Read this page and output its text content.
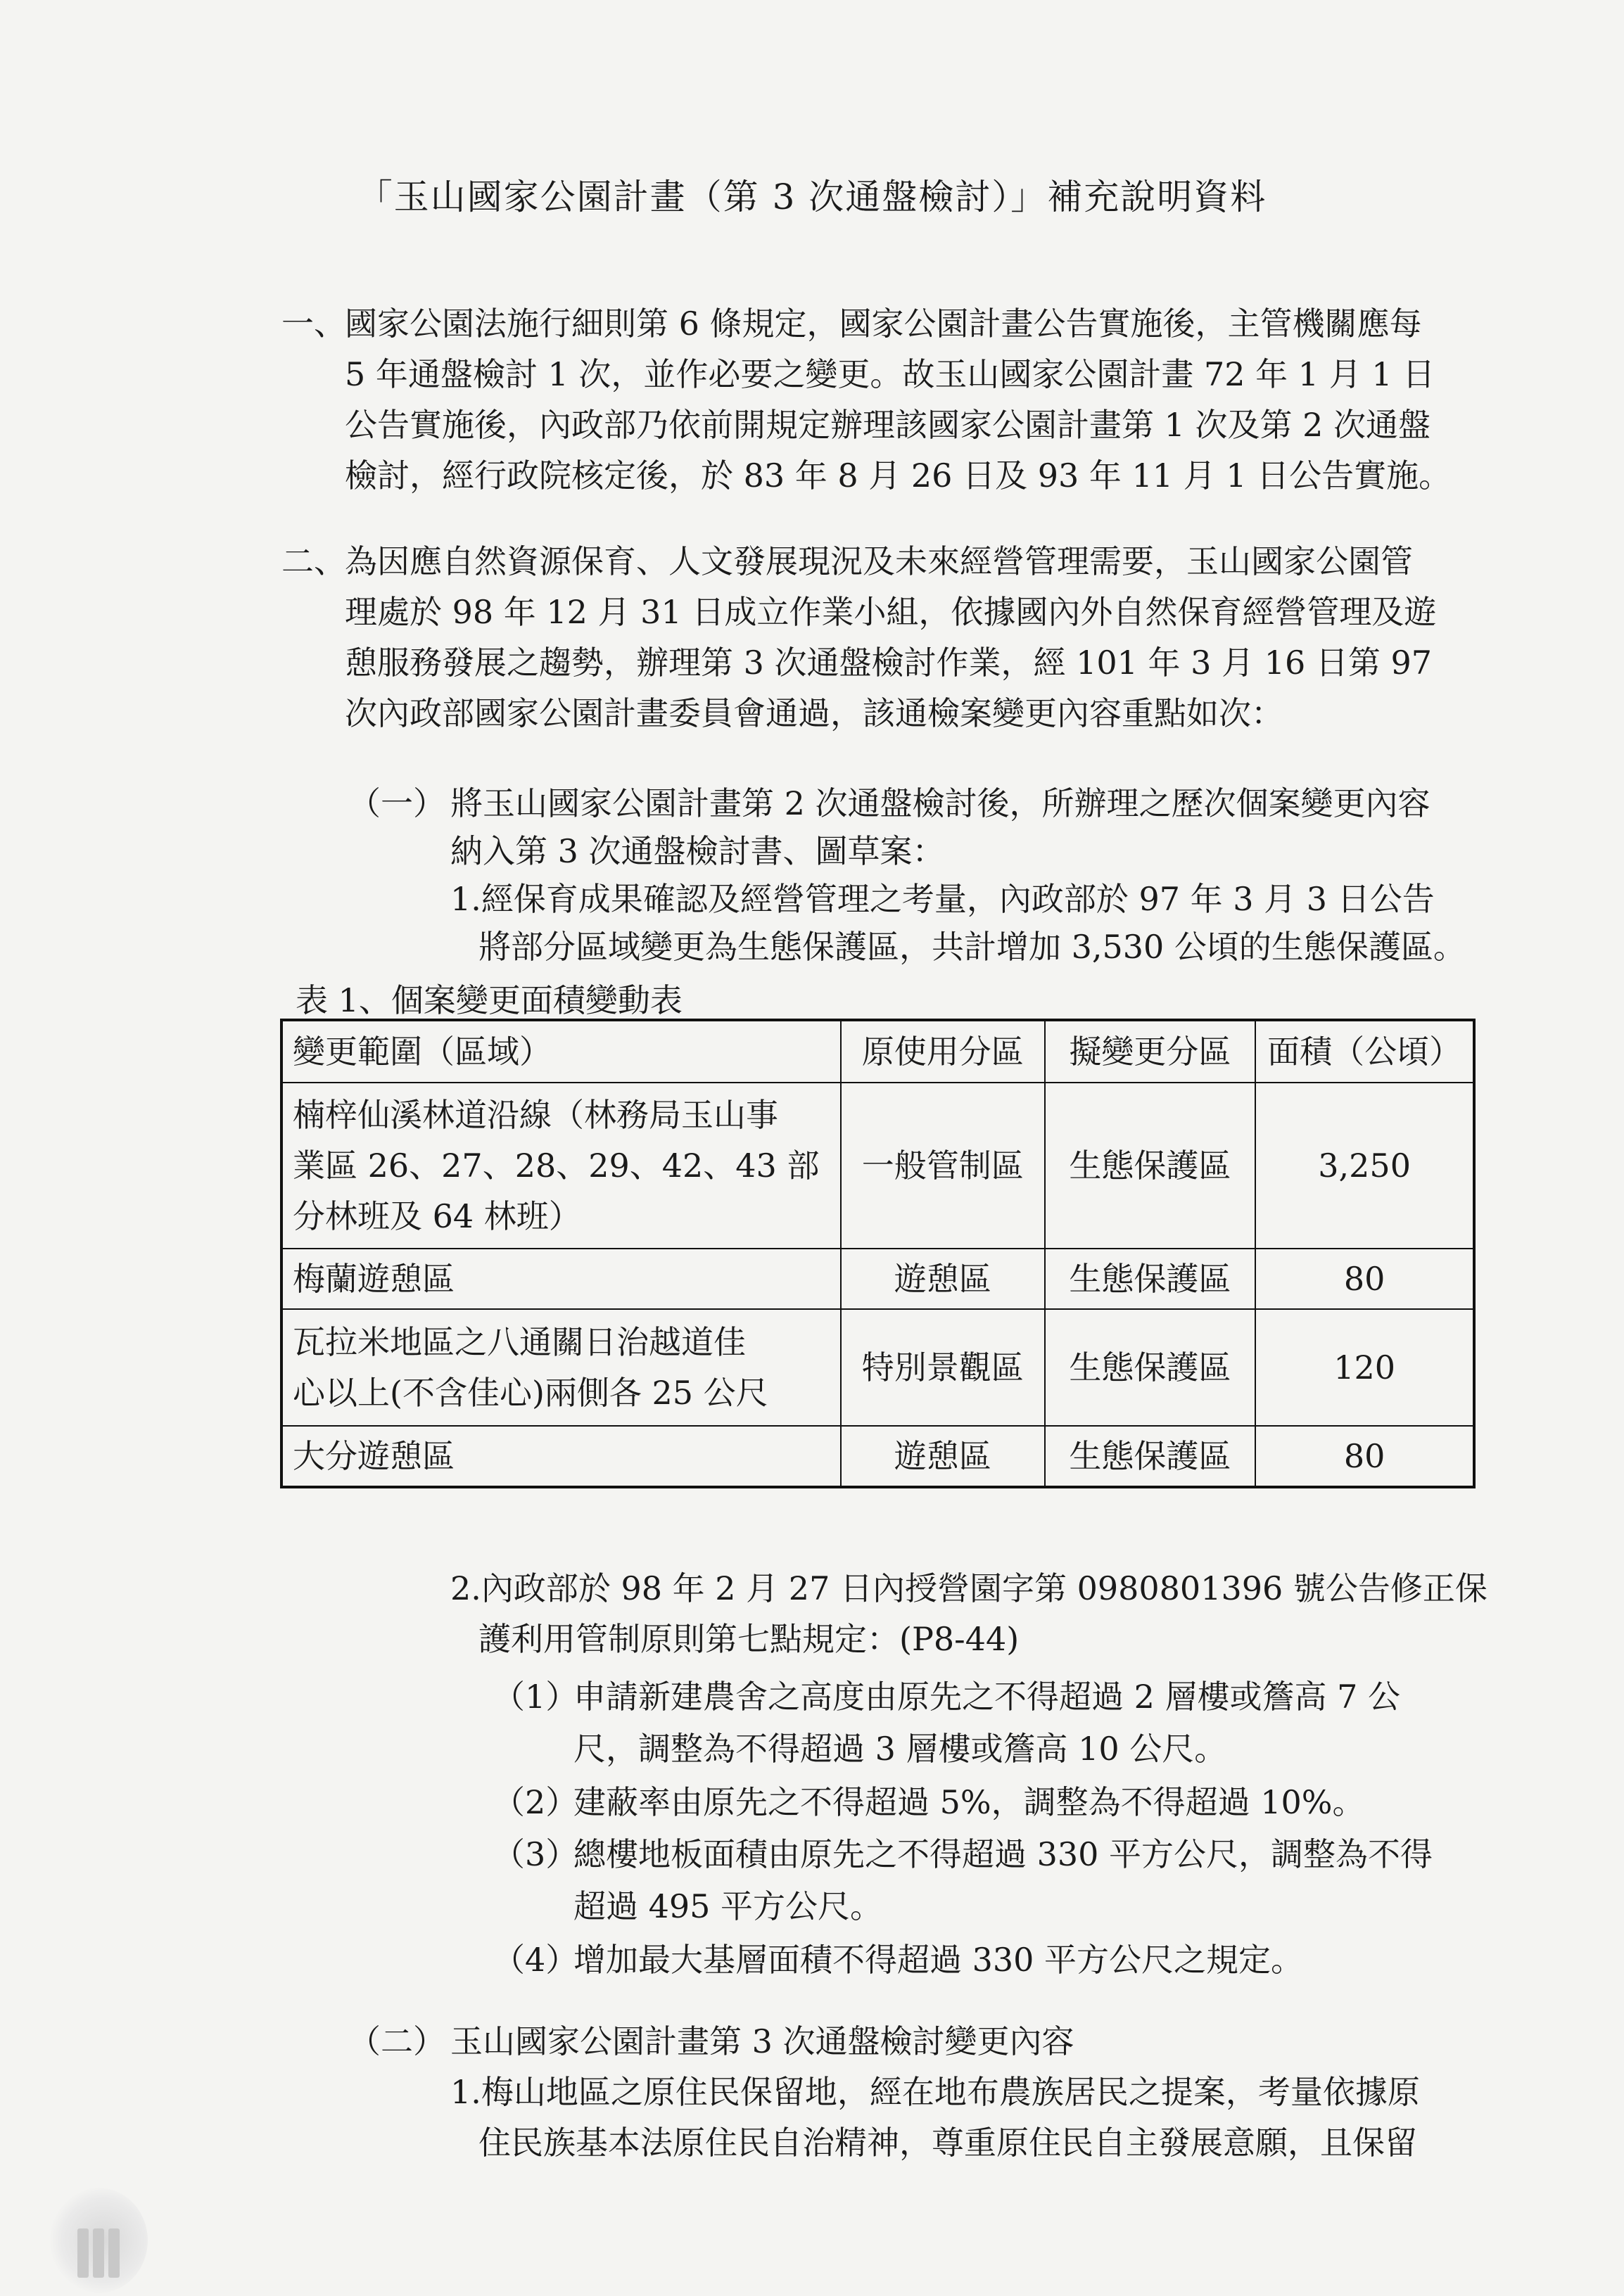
「玉山國家公園計畫（第 3 次通盤檢討）」補充說明資料
一、
國家公園法施行細則第 6 條規定，國家公園計畫公告實施後，主管機關應每
5 年通盤檢討 1 次，並作必要之變更。故玉山國家公園計畫 72 年 1 月 1 日
公告實施後，內政部乃依前開規定辦理該國家公園計畫第 1 次及第 2 次通盤
檢討，經行政院核定後，於 83 年 8 月 26 日及 93 年 11 月 1 日公告實施。
二、
為因應自然資源保育、人文發展現況及未來經營管理需要，玉山國家公園管
理處於 98 年 12 月 31 日成立作業小組，依據國內外自然保育經營管理及遊
憩服務發展之趨勢，辦理第 3 次通盤檢討作業，經 101 年 3 月 16 日第 97
次內政部國家公園計畫委員會通過，該通檢案變更內容重點如次：
（一） 將玉山國家公園計畫第 2 次通盤檢討後，所辦理之歷次個案變更內容
納入第 3 次通盤檢討書、圖草案：
1.經保育成果確認及經營管理之考量，內政部於 97 年 3 月 3 日公告
將部分區域變更為生態保護區，共計增加 3,530 公頃的生態保護區。
表 1、個案變更面積變動表
變更範圍（區域）	原使用分區	擬變更分區	面積（公頃）

楠梓仙溪林道沿線（林務局玉山事
業區 26、27、28、29、42、43 部
分林班及 64 林班）	一般管制區	生態保護區	3,250

梅蘭遊憩區	遊憩區	生態保護區	80

瓦拉米地區之八通關日治越道佳
心以上(不含佳心)兩側各 25 公尺	特別景觀區	生態保護區	120

大分遊憩區	遊憩區	生態保護區	80
2.內政部於 98 年 2 月 27 日內授營園字第 0980801396 號公告修正保
護利用管制原則第七點規定：(P8-44)
（1）
申請新建農舍之高度由原先之不得超過 2 層樓或簷高 7 公
尺，調整為不得超過 3 層樓或簷高 10 公尺。
（2）
建蔽率由原先之不得超過 5%，調整為不得超過 10%。
（3）
總樓地板面積由原先之不得超過 330 平方公尺，調整為不得
超過 495 平方公尺。
（4）
增加最大基層面積不得超過 330 平方公尺之規定。
（二） 玉山國家公園計畫第 3 次通盤檢討變更內容
1.梅山地區之原住民保留地，經在地布農族居民之提案，考量依據原
住民族基本法原住民自治精神，尊重原住民自主發展意願，且保留
